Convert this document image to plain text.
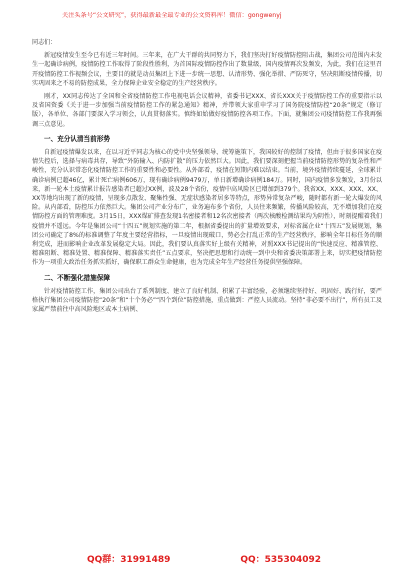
关注头条号“公文研究”，获得最新最全最专业的公文资料库！微信：gongwenyj

同志们：

新冠疫情发生至今已有近三年时间。三年来，在广大干群的共同努力下，我们坚决打好疫情防控阻击战，集团公司范围内未发生一起确诊病例，疫情防控工作取得了阶段性胜利，为首国际疫情防控作出了数量级，国内疫情再次发频发，为此，我们在这里召开疫情防控工作视频会议，主要目的就是动员集团上下进一步统一思想、认清形势、强化举措、严防死守，坚决阻断疫情传播，切实巩固来之不易的防控成果，全力保障企业安全稳定的生产经营秩序。

刚才，XX同志传达了全国和全省疫情防控工作电视电话会议精神，省委书记XXX、省长XXX关于疫情防控工作的重要指示以及省国资委《关于进一步加强当前疫情防控工作的紧急通知》精神，并带领大家重申学习了国务院疫情防控“20条”规定（修订版），各单位、各部门要深入学习领会，认真贯彻落实。慎终如始做好疫情防控各项工作。下面，就集团公司疫情防控工作我再强调三点意见。

一、充分认清当前形势

自新冠疫情爆发以来，在以习近平同志为核心的党中央坚强领导、统筹施策下，我国较好的控制了疫情，但由于很多国家在疫情失控后，选择与病毒共存，导致“外防输入、内防扩散”的压力依然巨大。因此，我们要深刻把握当前疫情防控形势的复杂性和严峻性，充分认识常态化疫情防控工作的重要性和必要性。从外部看，疫情在短期内难以结束。当前，境外疫情持续蔓延，全球累计确诊病例已超46亿，累计死亡病例606万，现有确诊病例9479万，单日新增确诊病例184万。同时，国内疫情多发频发，3月份以来，新一轮本土疫情累计报告感染者已超过XX例，波及28个省份，疫情中高风险区已增加到379个。我省XX、XXX、XXX、XX、XX等地均出现了新的疫情，呈现多点散发、聚集性强、无症状感染者居多等特点，形势异常复杂严峻，随时都有新一轮大爆发的风险。从内部看，防控压力依然巨大。集团公司产业分布广，业务遍布多个省份，人员往来频繁，传播风险较高，无不增加我们在疫情防控方面的管理难度。3月15日，XXX煤矿排查发现1名密接者和12名次密接者（两次核酸检测结果均为阴性），时刻提醒着我们疫情并不遥远。今年是集团公司“十四五”规划实施的第二年，根据省委提出的扩量增效要求，对标省属企业“十四五”发展规划，集团公司确定了8%的标准调整了年度主要经营指标，一旦疫情出现破口，势必会打乱正常的生产经营秩序，影响全年目标任务的顺利完成，进而影响企业改革发展稳定大局。因此，我们要认真落实好上级有关精神，对照XXX书记提出的“快速反应、精准管控、精准阻断、精准处置、精准保障、精准落实责任”五点要求，坚决把思想和行动统一到中央和省委决策部署上来，切实把疫情防控作为一项重大政治任务抓实抓好，确保职工群众生命健康，也为完成全年生产经营任务提供坚强保障。

二、不断强化措施保障

针对疫情防控工作，集团公司出台了系列制度、建立了良好机制、积累了丰富经验，必须继续坚持好、巩固好、践行好，要严格执行集团公司疫情防控“20条”和“十个务必”“四个到位”防控措施，重点做到：严控人员流动。坚持“非必要不出行”，所有员工及家属严禁前往中高风险地区或本土病例、

QQ群：31991489	QQ：535304092
